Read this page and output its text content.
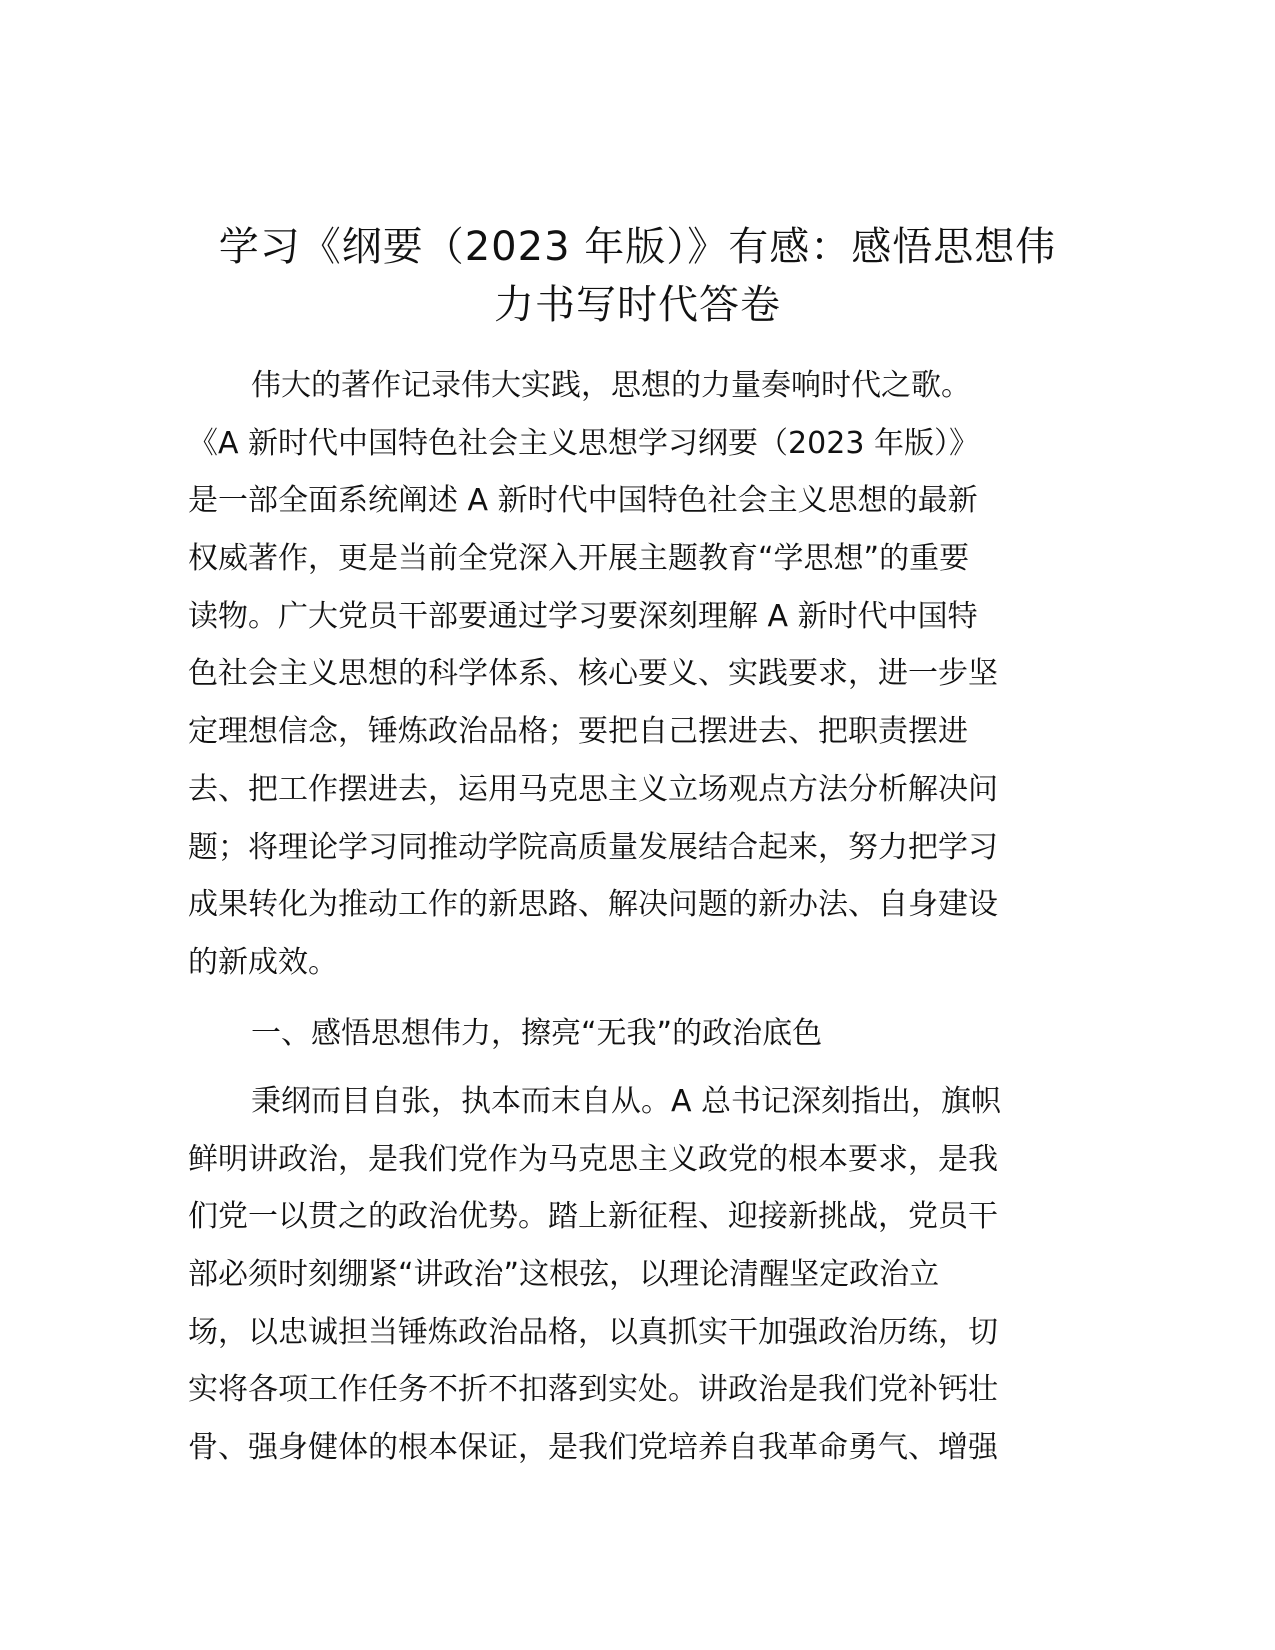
学习《纲要（2023 年版）》有感：感悟思想伟
力书写时代答卷
伟大的著作记录伟大实践，思想的力量奏响时代之歌。
《A 新时代中国特色社会主义思想学习纲要（2023 年版）》
是一部全面系统阐述 A 新时代中国特色社会主义思想的最新
权威著作，更是当前全党深入开展主题教育“学思想”的重要
读物。广大党员干部要通过学习要深刻理解 A 新时代中国特
色社会主义思想的科学体系、核心要义、实践要求，进一步坚
定理想信念，锤炼政治品格；要把自己摆进去、把职责摆进
去、把工作摆进去，运用马克思主义立场观点方法分析解决问
题；将理论学习同推动学院高质量发展结合起来，努力把学习
成果转化为推动工作的新思路、解决问题的新办法、自身建设
的新成效。
一、感悟思想伟力，擦亮“无我”的政治底色
秉纲而目自张，执本而末自从。A 总书记深刻指出，旗帜
鲜明讲政治，是我们党作为马克思主义政党的根本要求，是我
们党一以贯之的政治优势。踏上新征程、迎接新挑战，党员干
部必须时刻绷紧“讲政治”这根弦，以理论清醒坚定政治立
场，以忠诚担当锤炼政治品格，以真抓实干加强政治历练，切
实将各项工作任务不折不扣落到实处。讲政治是我们党补钙壮
骨、强身健体的根本保证，是我们党培养自我革命勇气、增强
